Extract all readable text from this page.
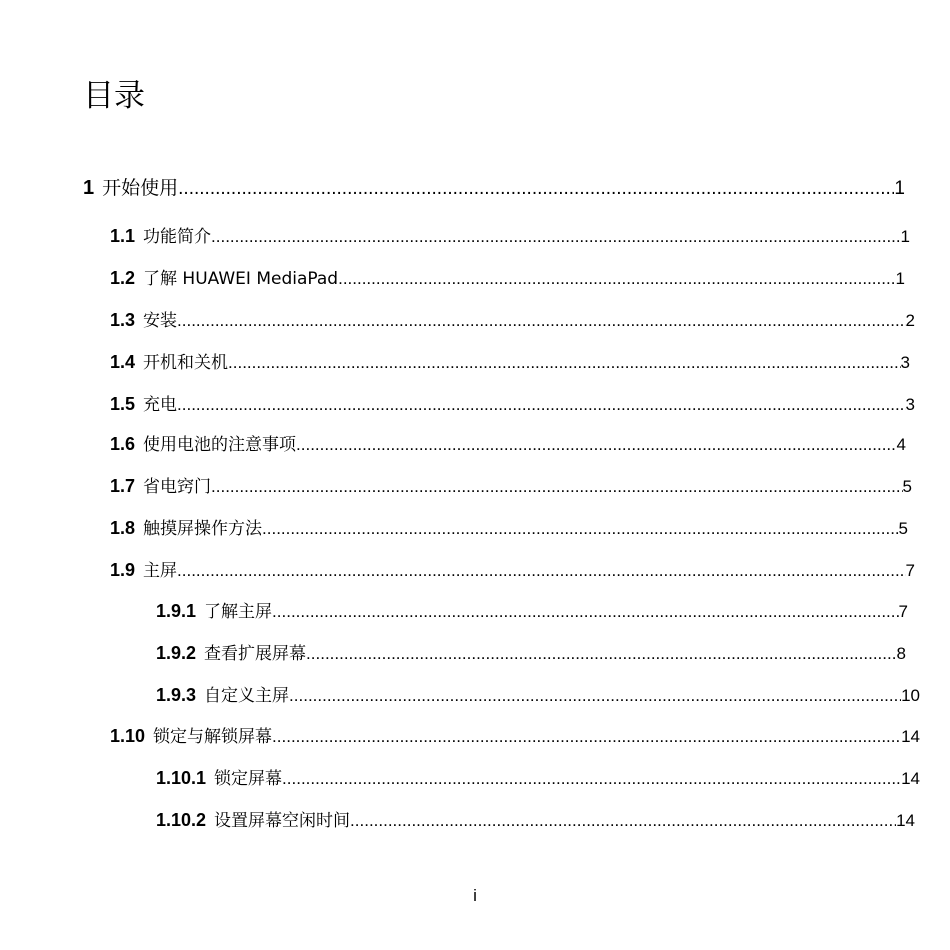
目录
1 开始使用 .....	1
1.1 功能简介 .....	1
1.2 了解 HUAWEI MediaPad .....	1
1.3 安装 .....	2
1.4 开机和关机 .....	3
1.5 充电 .....	3
1.6 使用电池的注意事项 .....	4
1.7 省电窍门 .....	5
1.8 触摸屏操作方法 .....	5
1.9 主屏 .....	7
1.9.1 了解主屏 .....	7
1.9.2 查看扩展屏幕 .....	8
1.9.3 自定义主屏 .....	10
1.10 锁定与解锁屏幕 .....	14
1.10.1 锁定屏幕 .....	14
1.10.2 设置屏幕空闲时间 .....	14
i
